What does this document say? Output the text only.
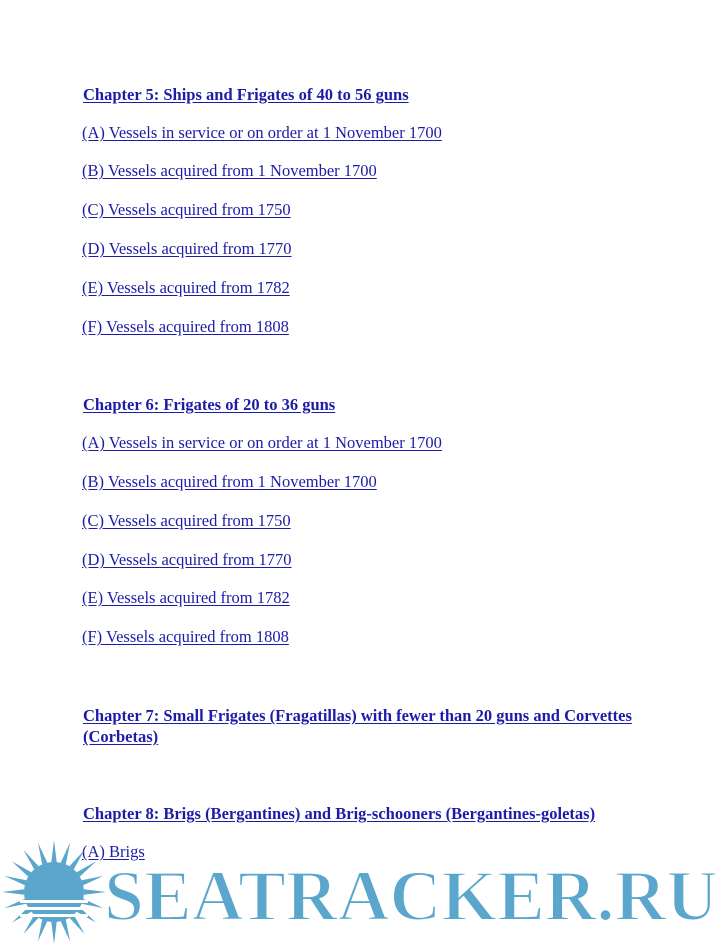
Chapter 5: Ships and Frigates of 40 to 56 guns
(A) Vessels in service or on order at 1 November 1700
(B) Vessels acquired from 1 November 1700
(C) Vessels acquired from 1750
(D) Vessels acquired from 1770
(E) Vessels acquired from 1782
(F) Vessels acquired from 1808
Chapter 6: Frigates of 20 to 36 guns
(A) Vessels in service or on order at 1 November 1700
(B) Vessels acquired from 1 November 1700
(C) Vessels acquired from 1750
(D) Vessels acquired from 1770
(E) Vessels acquired from 1782
(F) Vessels acquired from 1808
Chapter 7: Small Frigates (Fragatillas) with fewer than 20 guns and Corvettes (Corbetas)
Chapter 8: Brigs (Bergantines) and Brig-schooners (Bergantines-goletas)
(A) Brigs
SEATRACKER.RU
